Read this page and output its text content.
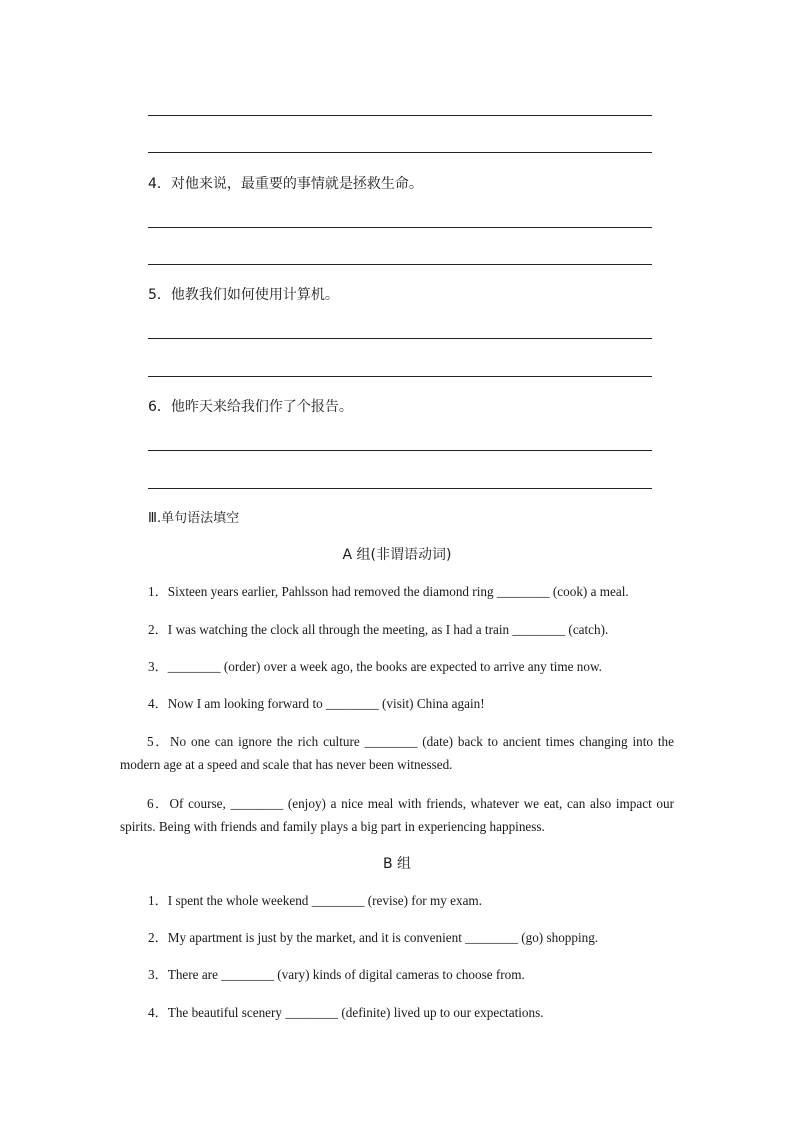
4．对他来说，最重要的事情就是拯救生命。
5．他教我们如何使用计算机。
6．他昨天来给我们作了个报告。
Ⅲ.单句语法填空
A 组(非谓语动词)
1．Sixteen years earlier, Pahlsson had removed the diamond ring ________ (cook) a meal.
2．I was watching the clock all through the meeting, as I had a train ________ (catch).
3．________ (order) over a week ago, the books are expected to arrive any time now.
4．Now I am looking forward to ________ (visit) China again!
5．No one can ignore the rich culture ________ (date) back to ancient times changing into the modern age at a speed and scale that has never been witnessed.
6．Of course, ________ (enjoy) a nice meal with friends, whatever we eat, can also impact our spirits. Being with friends and family plays a big part in experiencing happiness.
B 组
1．I spent the whole weekend ________ (revise) for my exam.
2．My apartment is just by the market, and it is convenient ________ (go) shopping.
3．There are ________ (vary) kinds of digital cameras to choose from.
4．The beautiful scenery ________ (definite) lived up to our expectations.
